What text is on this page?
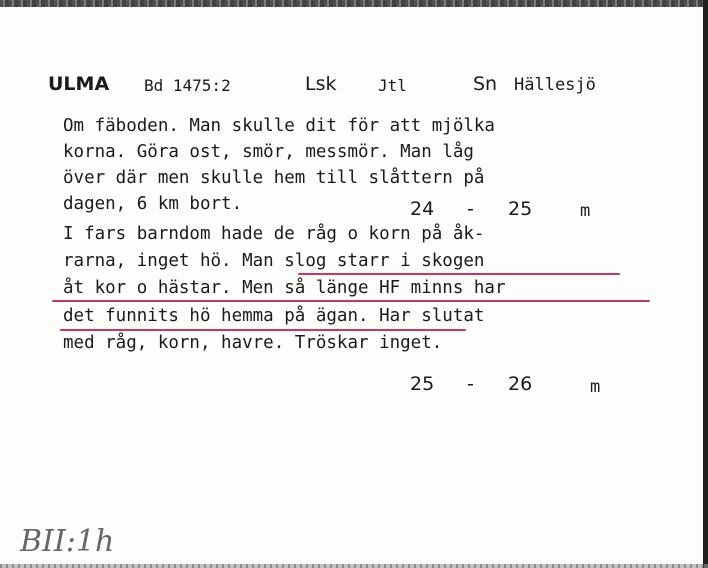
ULMA Bd 1475:2	Lsk	Jtl	Sn Hällesjö
Om fäboden. Man skulle dit för att mjölka
korna. Göra ost, smör, messmör. Man låg
över där men skulle hem till slåttern på
dagen, 6 km bort.	24 - 25	m
I fars barndom hade de råg o korn på åk-
rarna, inget hö. Man slog starr i skogen
åt kor o hästar. Men så länge HF minns har
det funnits hö hemma på ägan. Har slutat
med råg, korn, havre. Tröskar inget.
25 - 26	m
BII:1h
